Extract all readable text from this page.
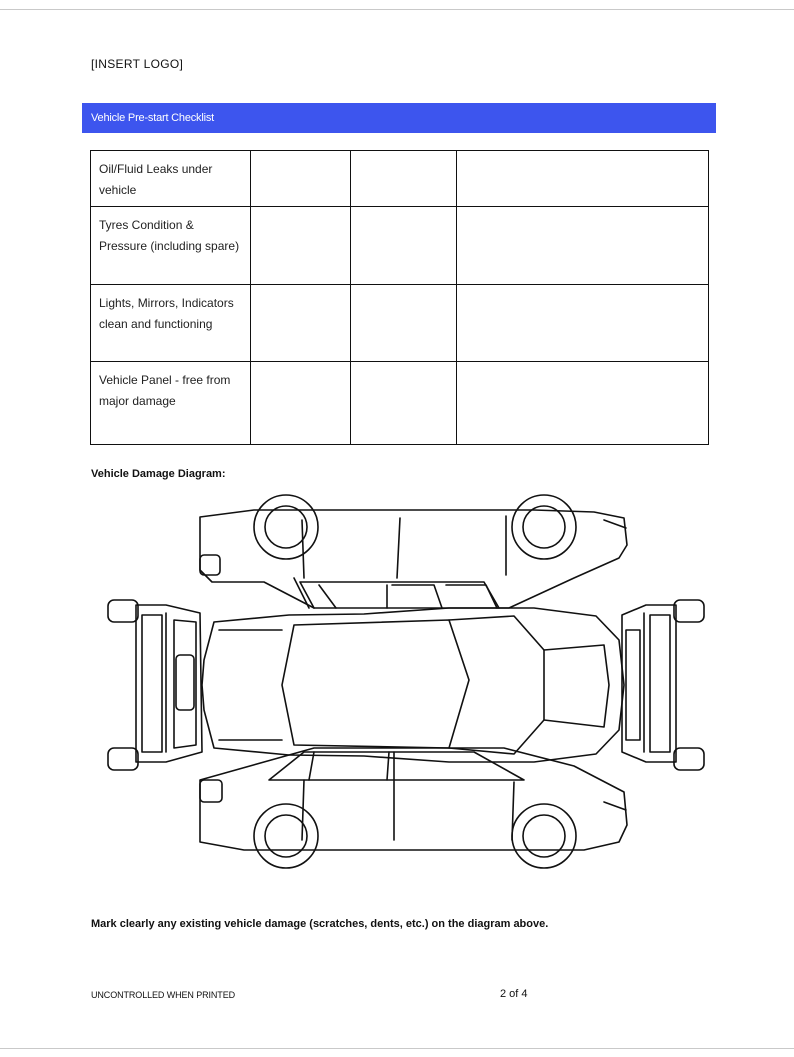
[INSERT LOGO]
Vehicle Pre-start Checklist
Oil/Fluid Leaks under vehicle			
Tyres Condition & Pressure (including spare)			
Lights, Mirrors, Indicators clean and functioning			
Vehicle Panel - free from major damage			
Vehicle Damage Diagram:
Mark clearly any existing vehicle damage (scratches, dents, etc.) on the diagram above.
UNCONTROLLED WHEN PRINTED	2 of 4
